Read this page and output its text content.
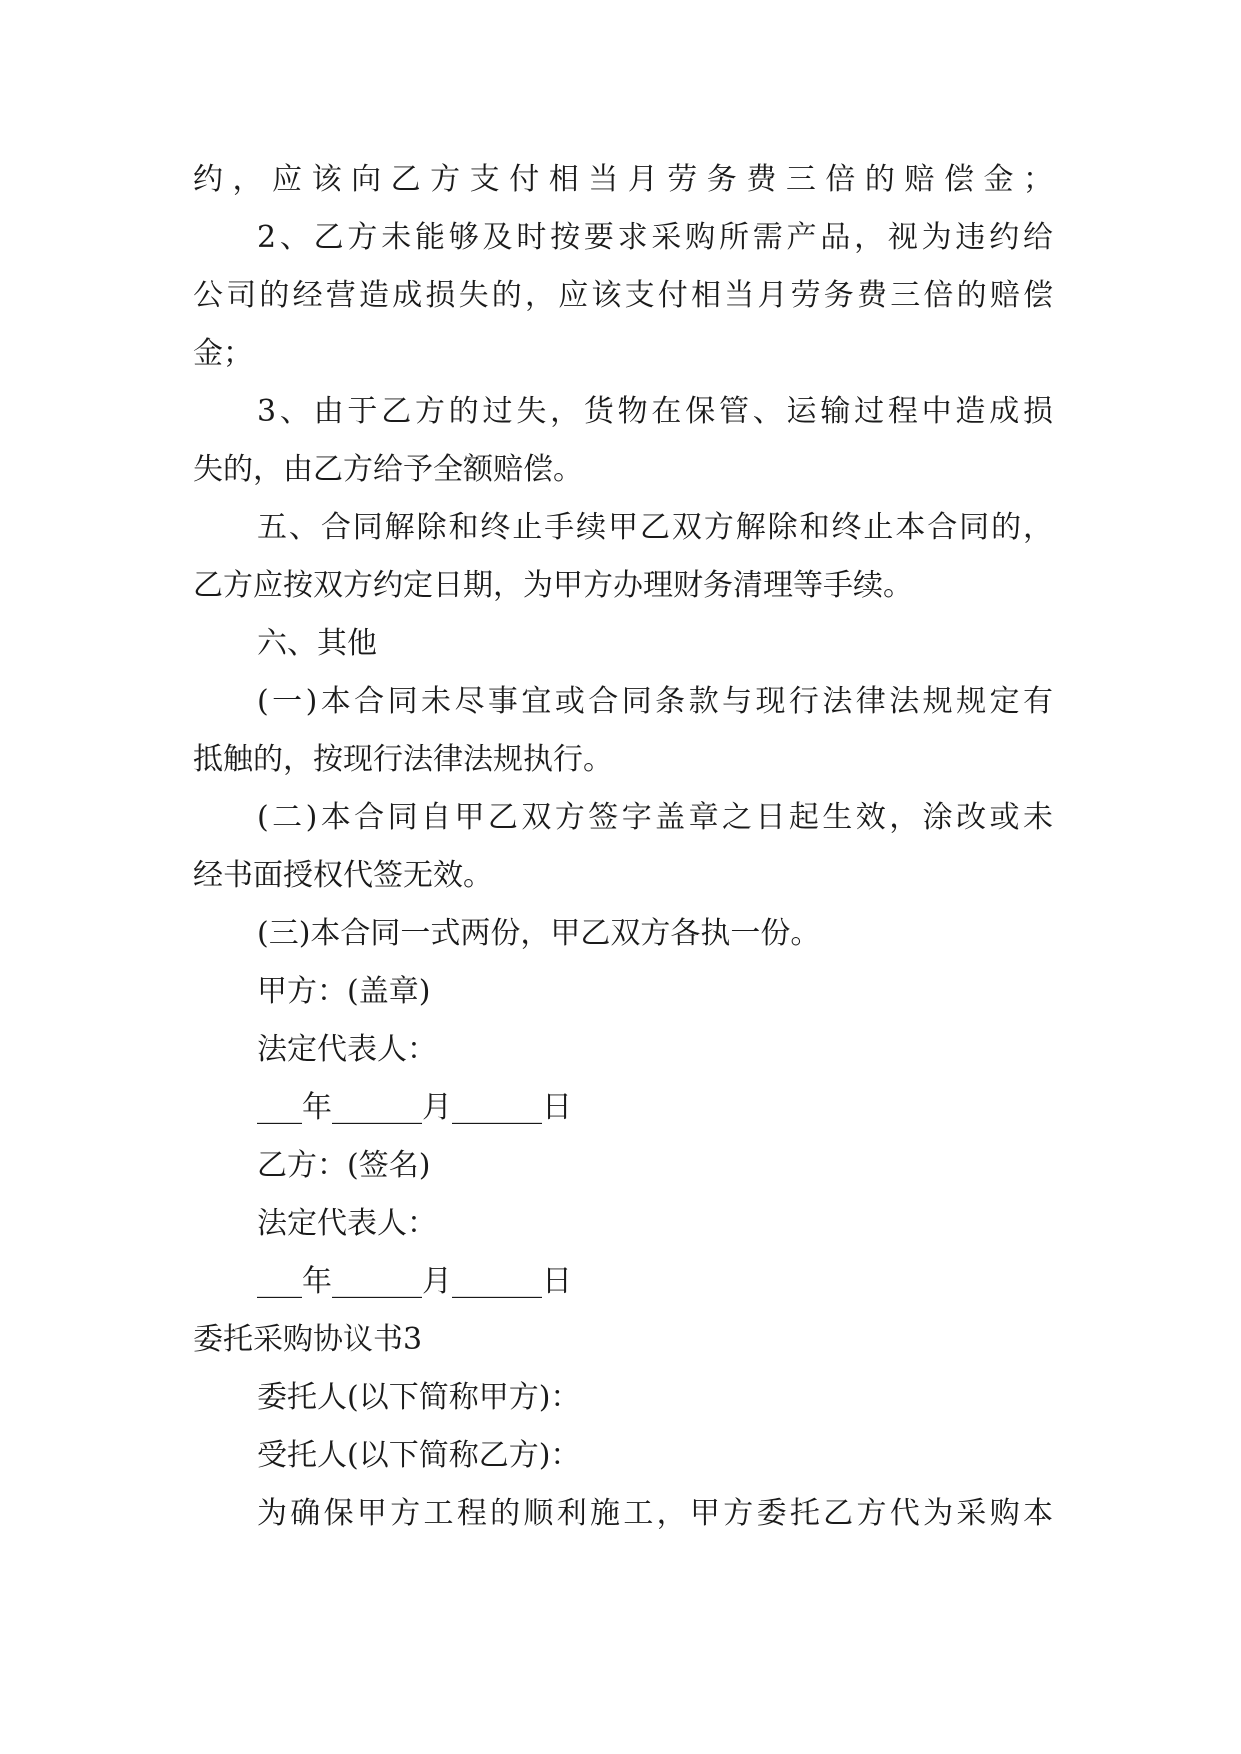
约，应该向乙方支付相当月劳务费三倍的赔偿金；
2、乙方未能够及时按要求采购所需产品，视为违约给
公司的经营造成损失的，应该支付相当月劳务费三倍的赔偿
金；
3、由于乙方的过失，货物在保管、运输过程中造成损
失的，由乙方给予全额赔偿。
五、合同解除和终止手续甲乙双方解除和终止本合同的，
乙方应按双方约定日期，为甲方办理财务清理等手续。
六、其他
(一)本合同未尽事宜或合同条款与现行法律法规规定有
抵触的，按现行法律法规执行。
(二)本合同自甲乙双方签字盖章之日起生效，涂改或未
经书面授权代签无效。
(三)本合同一式两份，甲乙双方各执一份。
甲方：(盖章)
法定代表人：
___年______月______日
乙方：(签名)
法定代表人：
___年______月______日
委托采购协议书3
委托人(以下简称甲方)：
受托人(以下简称乙方)：
为确保甲方工程的顺利施工，甲方委托乙方代为采购本
